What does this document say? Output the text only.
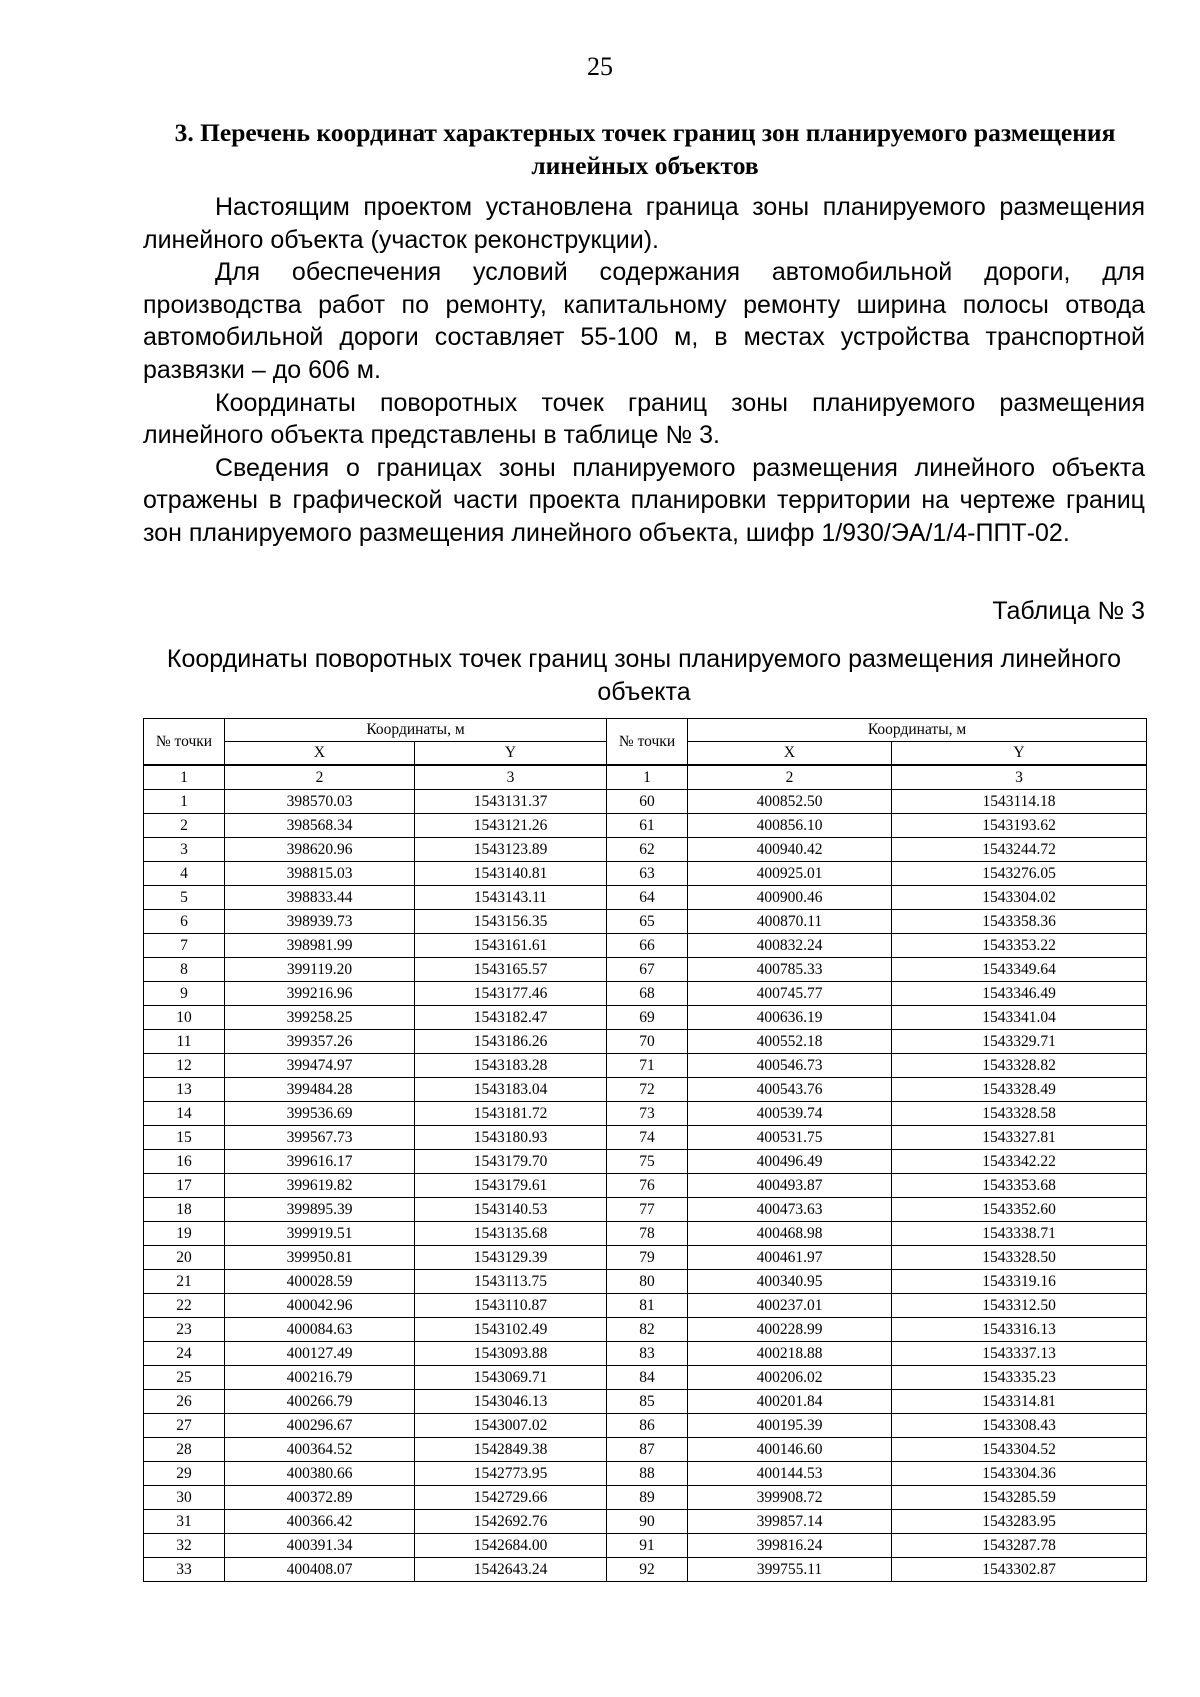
25
3. Перечень координат характерных точек границ зон планируемого размещения линейных объектов

Настоящим проектом установлена граница зоны планируемого размещения линейного объекта (участок реконструкции).

Для обеспечения условий содержания автомобильной дороги, для производства работ по ремонту, капитальному ремонту ширина полосы отвода автомобильной дороги составляет 55-100 м, в местах устройства транспортной развязки – до 606 м.

Координаты поворотных точек границ зоны планируемого размещения линейного объекта представлены в таблице № 3.

Сведения о границах зоны планируемого размещения линейного объекта отражены в графической части проекта планировки территории на чертеже границ зон планируемого размещения линейного объекта, шифр 1/930/ЭА/1/4-ППТ-02.

Таблица № 3
Координаты поворотных точек границ зоны планируемого размещения линейного объекта
№ точки	Координаты, м		№ точки	Координаты, м	
	X	Y		X	Y
1	2	3	1	2	3
1	398570.03	1543131.37	60	400852.50	1543114.18
2	398568.34	1543121.26	61	400856.10	1543193.62
3	398620.96	1543123.89	62	400940.42	1543244.72
4	398815.03	1543140.81	63	400925.01	1543276.05
5	398833.44	1543143.11	64	400900.46	1543304.02
6	398939.73	1543156.35	65	400870.11	1543358.36
7	398981.99	1543161.61	66	400832.24	1543353.22
8	399119.20	1543165.57	67	400785.33	1543349.64
9	399216.96	1543177.46	68	400745.77	1543346.49
10	399258.25	1543182.47	69	400636.19	1543341.04
11	399357.26	1543186.26	70	400552.18	1543329.71
12	399474.97	1543183.28	71	400546.73	1543328.82
13	399484.28	1543183.04	72	400543.76	1543328.49
14	399536.69	1543181.72	73	400539.74	1543328.58
15	399567.73	1543180.93	74	400531.75	1543327.81
16	399616.17	1543179.70	75	400496.49	1543342.22
17	399619.82	1543179.61	76	400493.87	1543353.68
18	399895.39	1543140.53	77	400473.63	1543352.60
19	399919.51	1543135.68	78	400468.98	1543338.71
20	399950.81	1543129.39	79	400461.97	1543328.50
21	400028.59	1543113.75	80	400340.95	1543319.16
22	400042.96	1543110.87	81	400237.01	1543312.50
23	400084.63	1543102.49	82	400228.99	1543316.13
24	400127.49	1543093.88	83	400218.88	1543337.13
25	400216.79	1543069.71	84	400206.02	1543335.23
26	400266.79	1543046.13	85	400201.84	1543314.81
27	400296.67	1543007.02	86	400195.39	1543308.43
28	400364.52	1542849.38	87	400146.60	1543304.52
29	400380.66	1542773.95	88	400144.53	1543304.36
30	400372.89	1542729.66	89	399908.72	1543285.59
31	400366.42	1542692.76	90	399857.14	1543283.95
32	400391.34	1542684.00	91	399816.24	1543287.78
33	400408.07	1542643.24	92	399755.11	1543302.87
